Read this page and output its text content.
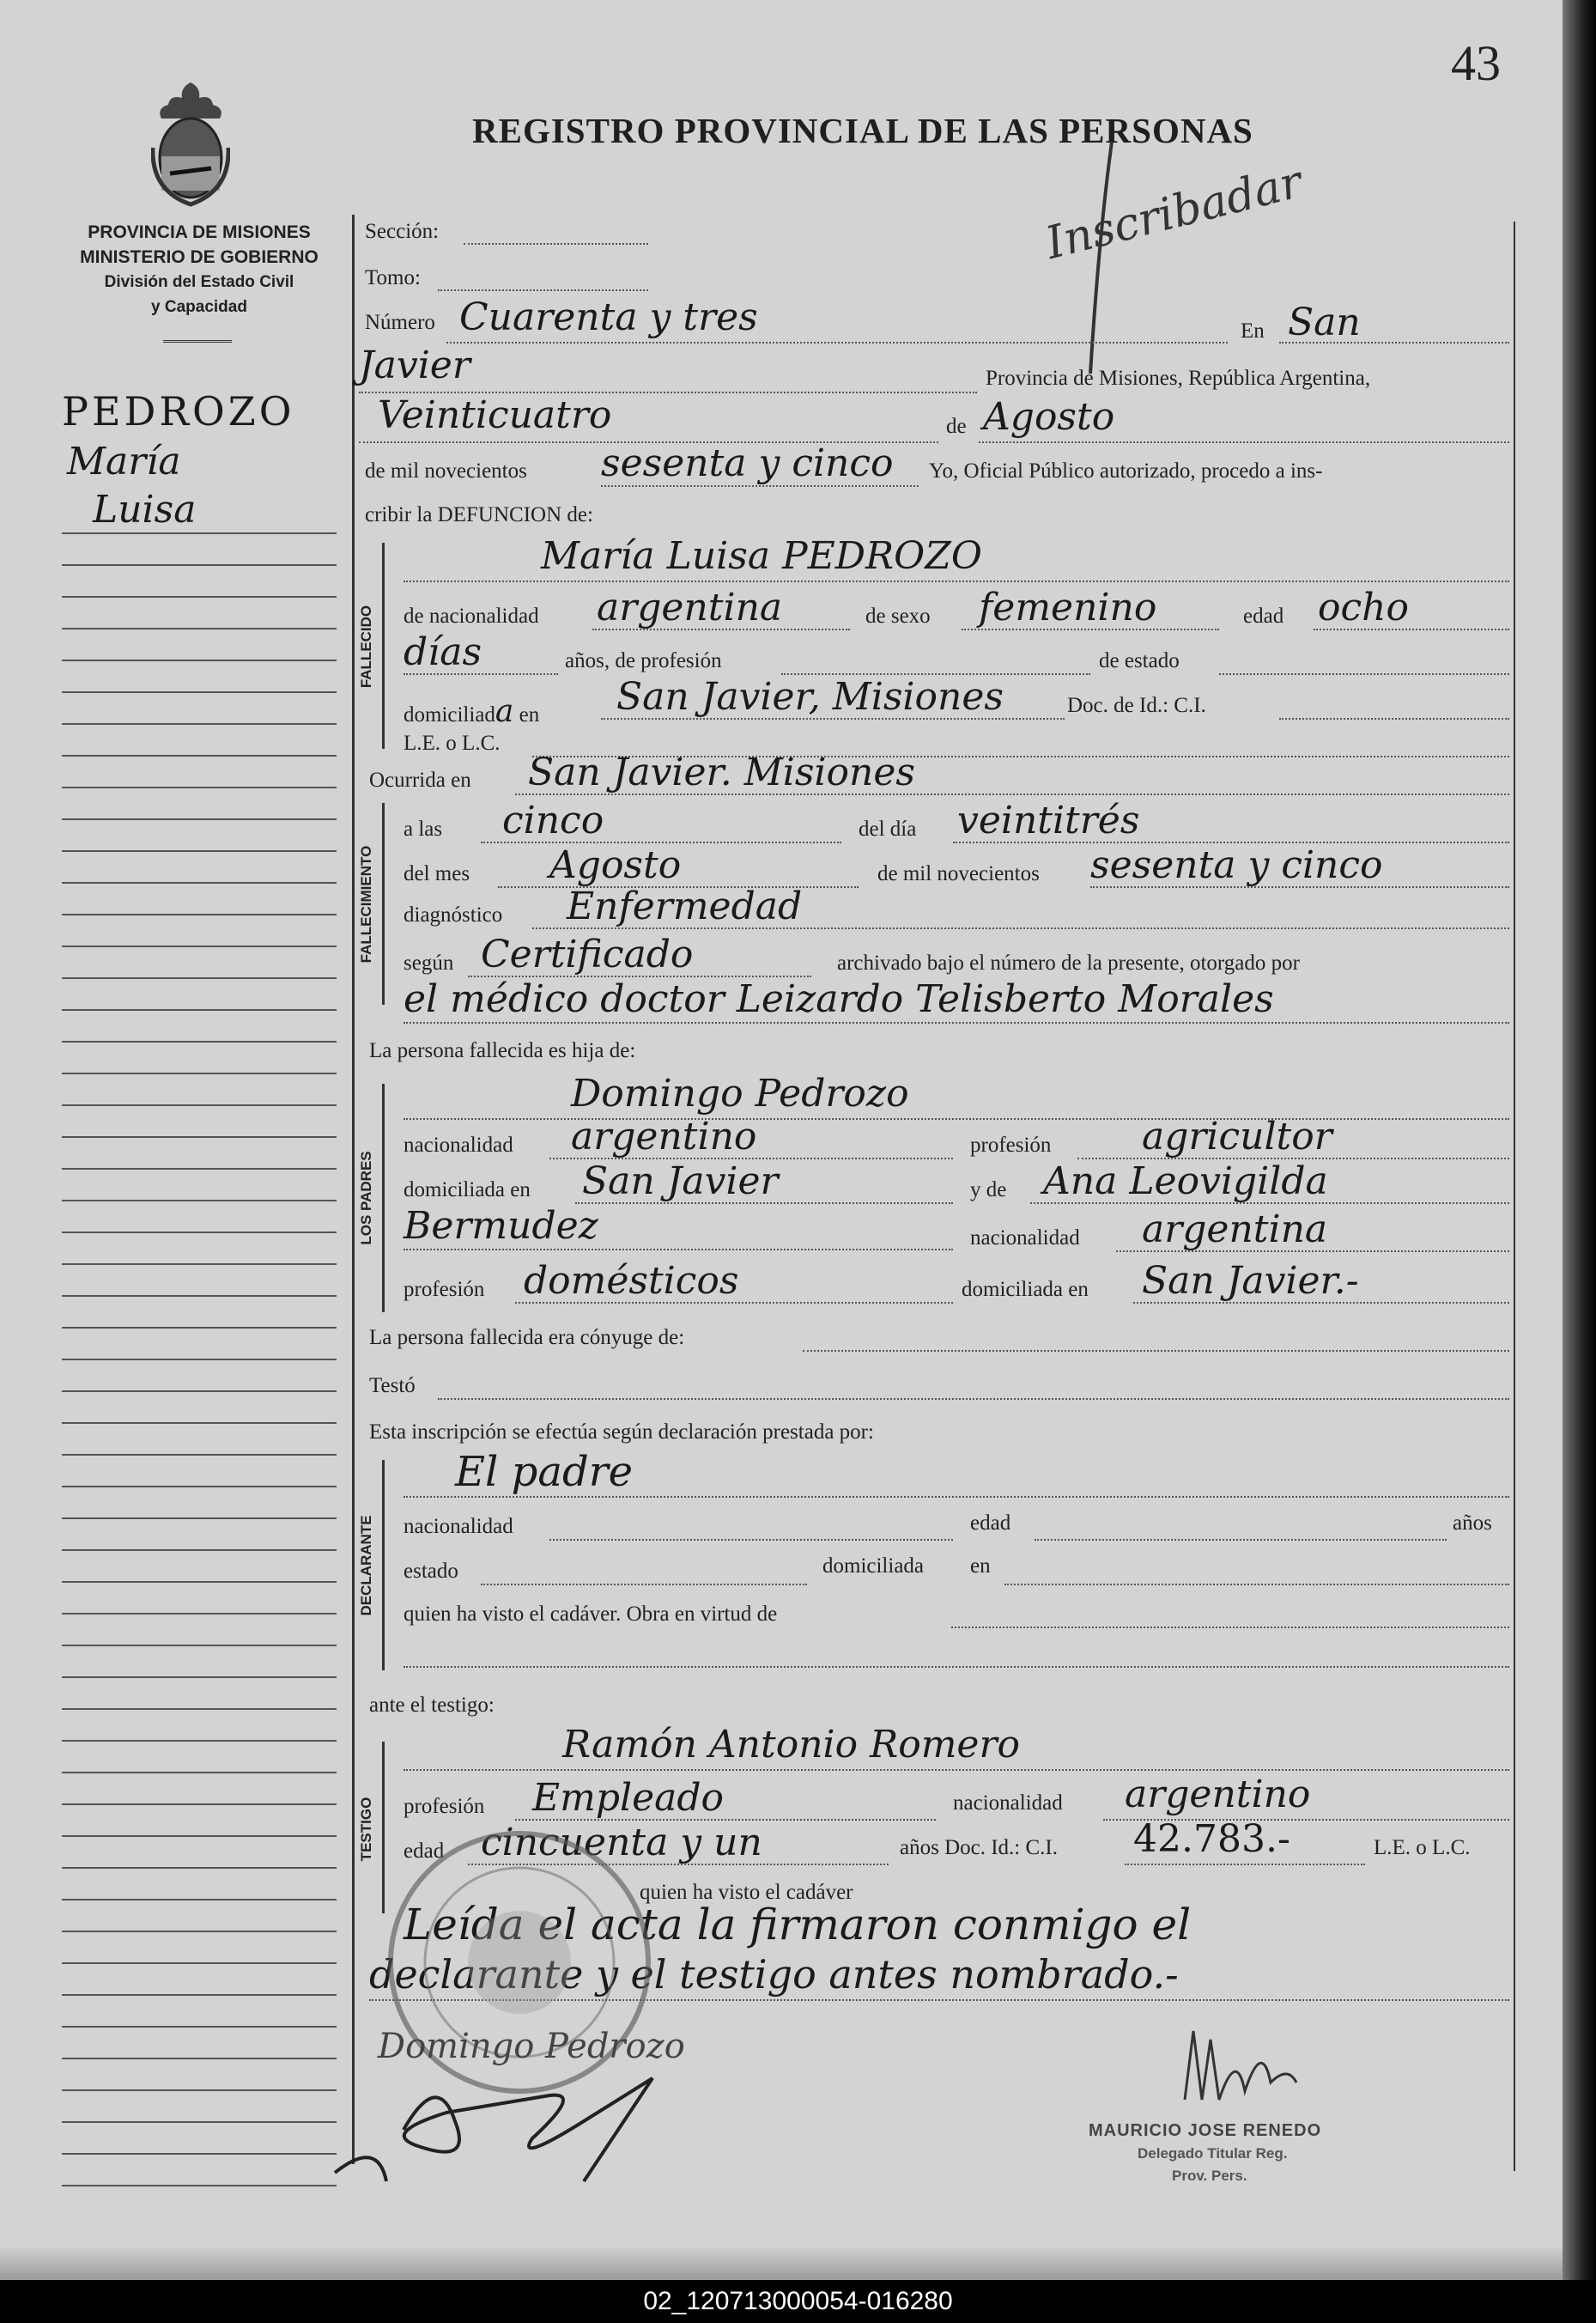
PROVINCIA DE MISIONES
MINISTERIO DE GOBIERNO
División del Estado Civil
y Capacidad
PEDROZO
María
Luisa
43
REGISTRO PROVINCIAL DE LAS PERSONAS
Inscribadar
Sección:
Tomo:
Número Cuarenta y tres	En San
Javier	Provincia de Misiones, República Argentina,
Veinticuatro	de Agosto
de mil novecientos sesenta y cinco Yo, Oficial Público autorizado, procedo a ins-
cribir la DEFUNCION de:
FALLECIDO
María Luisa PEDROZO
de nacionalidad argentina	de sexo femenino	edad ocho
días	años, de profesión	de estado
domiciliada en San Javier, Misiones	Doc. de Id.: C.I.
L.E. o L.C.
Ocurrida en San Javier. Misiones
FALLECIMIENTO
a las cinco	del día veintitrés
del mes Agosto	de mil novecientos sesenta y cinco
diagnóstico Enfermedad
según Certificado	archivado bajo el número de la presente, otorgado por
el médico doctor Leizardo Telisberto Morales
La persona fallecida es hija de:
LOS PADRES
Domingo Pedrozo
nacionalidad argentino	profesión agricultor
domiciliada en San Javier	y de Ana Leovigilda
Bermudez	nacionalidad argentina
profesión domésticos	domiciliada en San Javier.-
La persona fallecida era cónyuge de:
Testó
Esta inscripción se efectúa según declaración prestada por:
DECLARANTE
El padre
nacionalidad	edad	años
estado	domiciliada en
quien ha visto el cadáver. Obra en virtud de
ante el testigo:
TESTIGO
Ramón Antonio Romero
profesión Empleado	nacionalidad argentino
edad cincuenta y un	años Doc. Id.: C.I. 42.783.-	L.E. o L.C.
quien ha visto el cadáver
Leída el acta la firmaron conmigo el
declarante y el testigo antes nombrado.-
Domingo Pedrozo
MAURICIO JOSE RENEDO
Delegado Titular Reg.
Prov. Pers.
02_120713000054-016280
